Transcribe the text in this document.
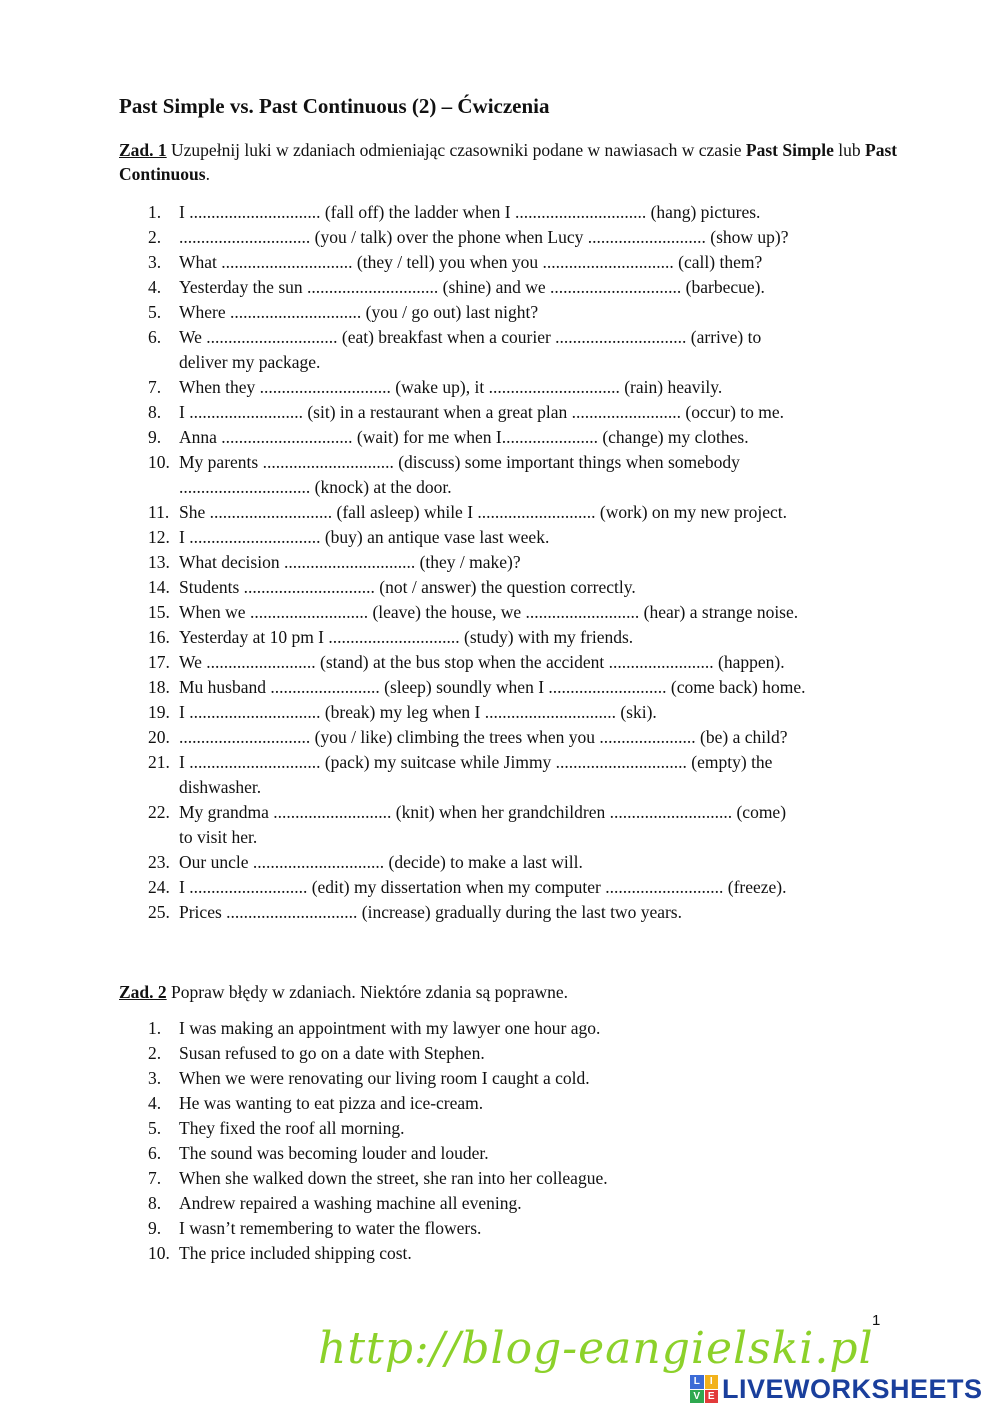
Past Simple vs. Past Continuous (2) – Ćwiczenia
Zad. 1 Uzupełnij luki w zdaniach odmieniając czasowniki podane w nawiasach w czasie Past Simple lub Past Continuous.
1. I .............................. (fall off) the ladder when I .............................. (hang) pictures.
2. .............................. (you / talk) over the phone when Lucy ........................... (show up)?
3. What .............................. (they / tell) you when you .............................. (call) them?
4. Yesterday the sun .............................. (shine) and we .............................. (barbecue).
5. Where .............................. (you / go out) last night?
6. We .............................. (eat) breakfast when a courier .............................. (arrive) to
deliver my package.
7. When they .............................. (wake up), it .............................. (rain) heavily.
8. I .......................... (sit) in a restaurant when a great plan ......................... (occur) to me.
9. Anna .............................. (wait) for me when I...................... (change) my clothes.
10. My parents .............................. (discuss) some important things when somebody
.............................. (knock) at the door.
11. She ............................ (fall asleep) while I ........................... (work) on my new project.
12. I .............................. (buy) an antique vase last week.
13. What decision .............................. (they / make)?
14. Students .............................. (not / answer) the question correctly.
15. When we ........................... (leave) the house, we .......................... (hear) a strange noise.
16. Yesterday at 10 pm I .............................. (study) with my friends.
17. We ......................... (stand) at the bus stop when the accident ........................ (happen).
18. Mu husband ......................... (sleep) soundly when I ........................... (come back) home.
19. I .............................. (break) my leg when I .............................. (ski).
20. .............................. (you / like) climbing the trees when you ...................... (be) a child?
21. I .............................. (pack) my suitcase while Jimmy .............................. (empty) the
dishwasher.
22. My grandma ........................... (knit) when her grandchildren ............................ (come)
to visit her.
23. Our uncle .............................. (decide) to make a last will.
24. I ........................... (edit) my dissertation when my computer ........................... (freeze).
25. Prices .............................. (increase) gradually during the last two years.
Zad. 2 Popraw błędy w zdaniach. Niektóre zdania są poprawne.
1. I was making an appointment with my lawyer one hour ago.
2. Susan refused to go on a date with Stephen.
3. When we were renovating our living room I caught a cold.
4. He was wanting to eat pizza and ice-cream.
5. They fixed the roof all morning.
6. The sound was becoming louder and louder.
7. When she walked down the street, she ran into her colleague.
8. Andrew repaired a washing machine all evening.
9. I wasn’t remembering to water the flowers.
10. The price included shipping cost.
1
http://blog-eangielski.pl
L	I
V E LIVEWORKSHEETS
